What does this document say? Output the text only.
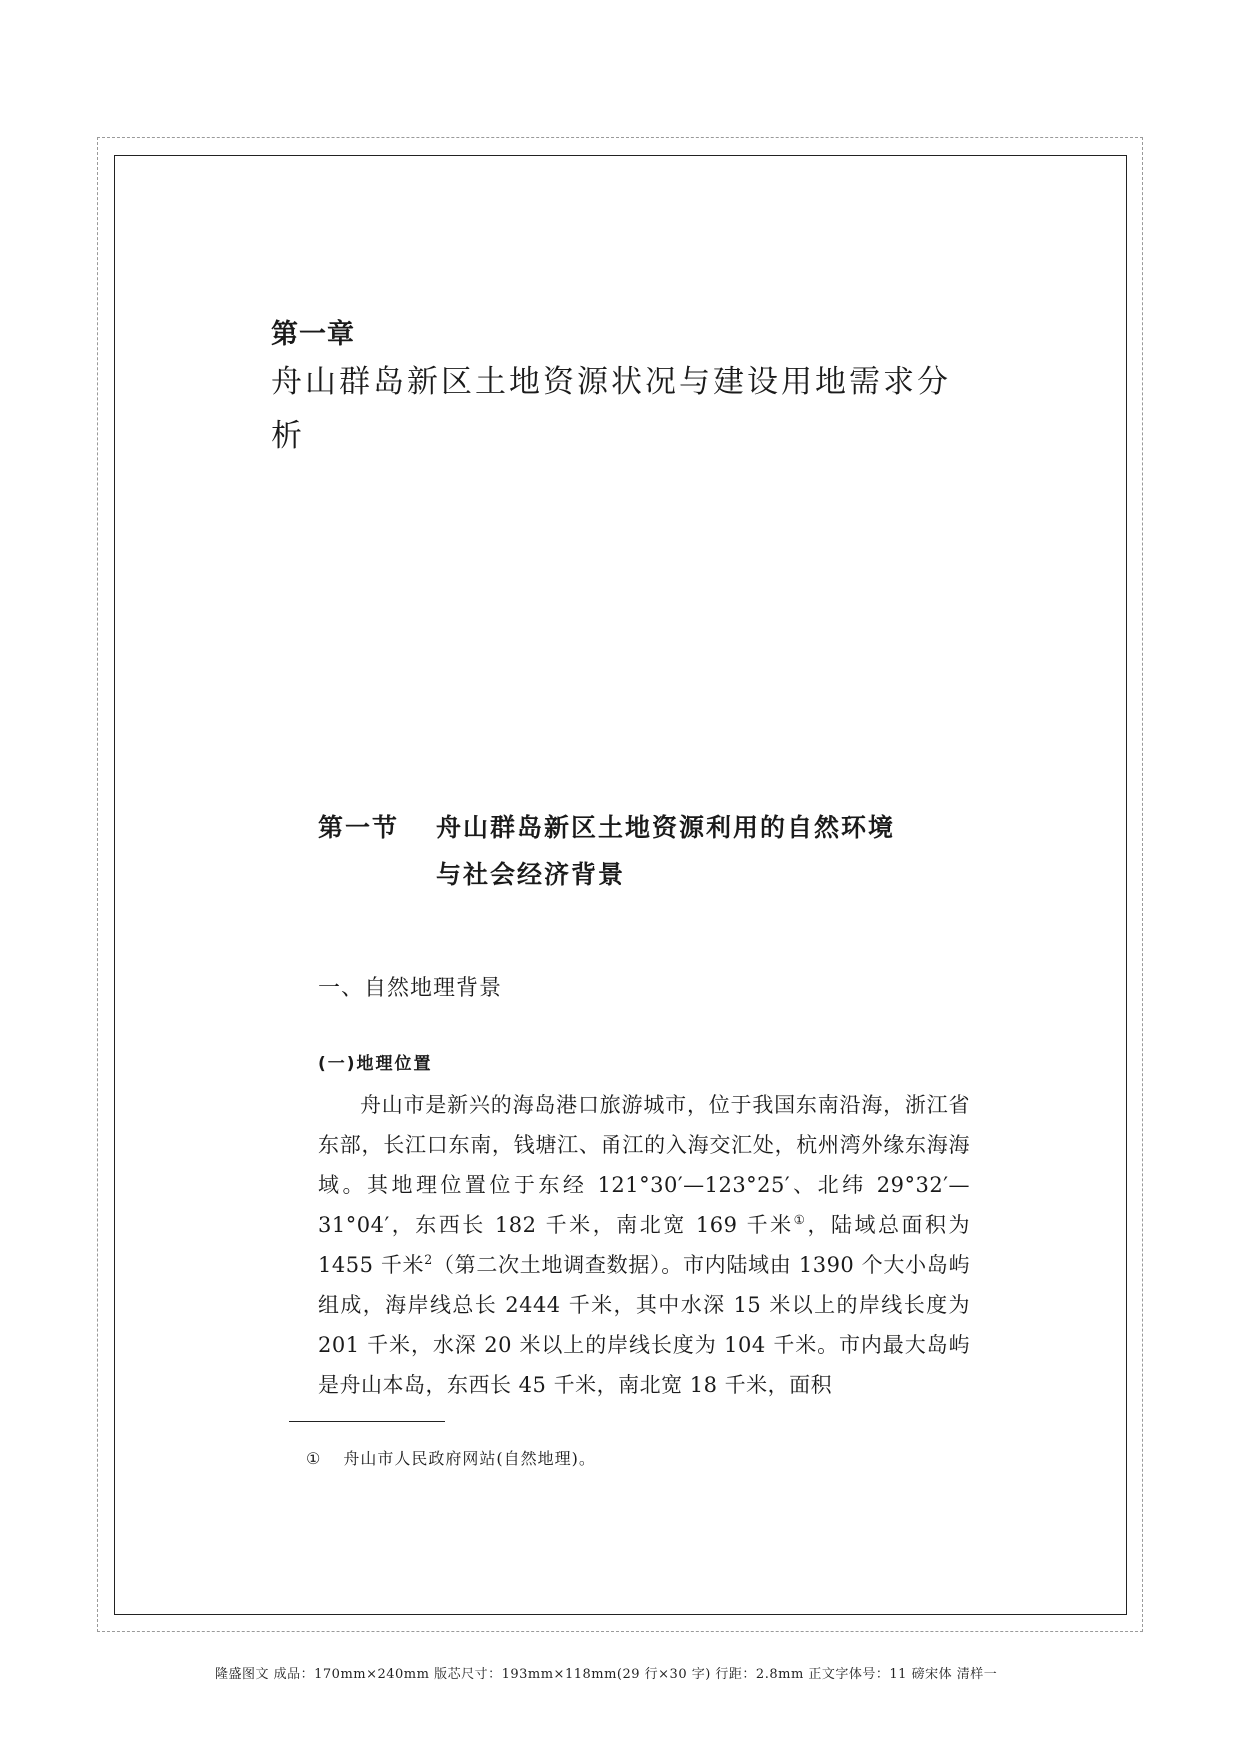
第一章
舟山群岛新区土地资源状况与建设用地需求分析
第一节	舟山群岛新区土地资源利用的自然环境
与社会经济背景
一、自然地理背景
(一)地理位置

舟山市是新兴的海岛港口旅游城市，位于我国东南沿海，浙江省东部，长江口东南，钱塘江、甬江的入海交汇处，杭州湾外缘东海海域。其地理位置位于东经 121°30′—123°25′、北纬 29°32′—31°04′，东西长 182 千米，南北宽 169 千米①，陆域总面积为 1455 千米$^2$（第二次土地调查数据）。市内陆域由 1390 个大小岛屿组成，海岸线总长 2444 千米，其中水深 15 米以上的岸线长度为 201 千米，水深 20 米以上的岸线长度为 104 千米。市内最大岛屿是舟山本岛，东西长 45 千米，南北宽 18 千米，面积

① 舟山市人民政府网站(自然地理)。
隆盛图文 成品：170mm×240mm 版芯尺寸：193mm×118mm(29 行×30 字) 行距：2.8mm 正文字体号：11 磅宋体 清样一
